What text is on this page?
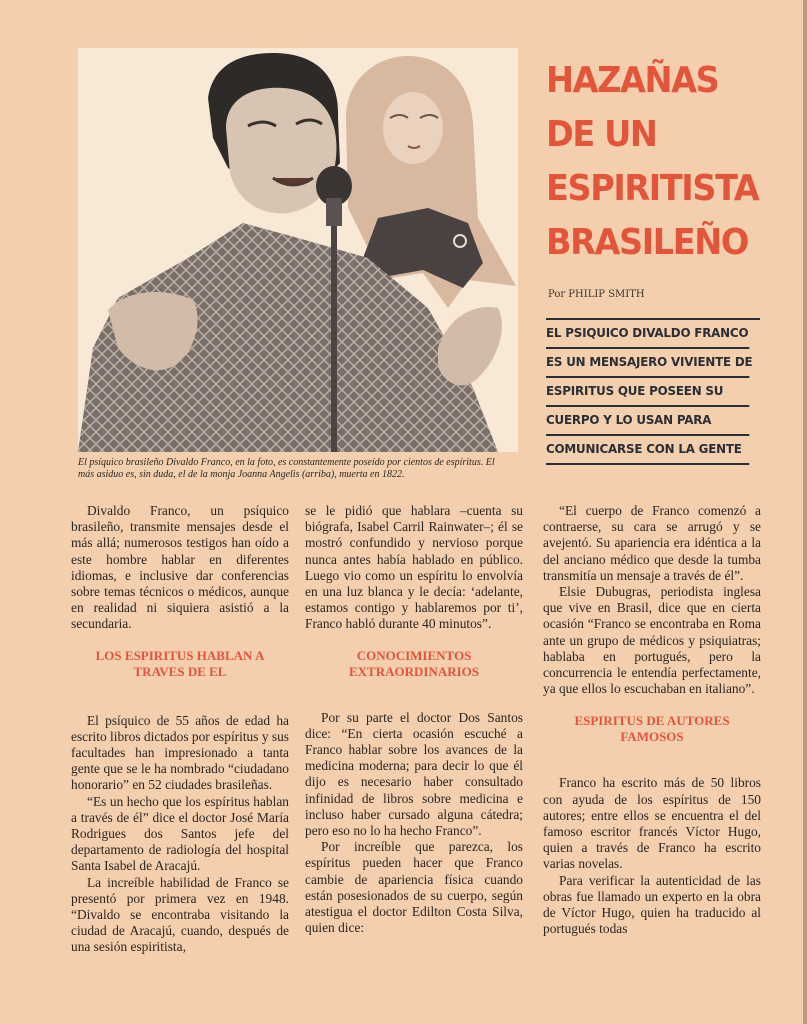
El psíquico brasileño Divaldo Franco, en la foto, es constantemente poseído por cientos de espíritus. El más asiduo es, sin duda, el de la monja Joanna Angelis (arriba), muerta en 1822.

HAZAÑAS
DE UN
ESPIRITISTA
BRASILEÑO

Por PHILIP SMITH

EL PSIQUICO DIVALDO FRANCO
ES UN MENSAJERO VIVIENTE DE
ESPIRITUS QUE POSEEN SU
CUERPO Y LO USAN PARA
COMUNICARSE CON LA GENTE

Divaldo Franco, un psíquico brasileño, transmite mensajes desde el más allá; numerosos testigos han oído a este hombre hablar en diferentes idiomas, e inclusive dar conferencias sobre temas técnicos o médicos, aunque en realidad ni siquiera asistió a la secundaria.

LOS ESPIRITUS HABLAN A TRAVES DE EL

El psíquico de 55 años de edad ha escrito libros dictados por espíritus y sus facultades han impresionado a tanta gente que se le ha nombrado “ciudadano honorario” en 52 ciudades brasileñas.

“Es un hecho que los espíritus hablan a través de él” dice el doctor José María Rodrigues dos Santos jefe del departamento de radiología del hospital Santa Isabel de Aracajú.

La increíble habilidad de Franco se presentó por primera vez en 1948. “Divaldo se encontraba visitando la ciudad de Aracajú, cuando, después de una sesión espiritista,

se le pidió que hablara –cuenta su biógrafa, Isabel Carril Rainwater–; él se mostró confundido y nervioso porque nunca antes había hablado en público. Luego vio como un espíritu lo envolvía en una luz blanca y le decía: ‘adelante, estamos contigo y hablaremos por ti’, Franco habló durante 40 minutos”.

CONOCIMIENTOS EXTRAORDINARIOS

Por su parte el doctor Dos Santos dice: “En cierta ocasión escuché a Franco hablar sobre los avances de la medicina moderna; para decir lo que él dijo es necesario haber consultado infinidad de libros sobre medicina e incluso haber cursado alguna cátedra; pero eso no lo ha hecho Franco”.

Por increíble que parezca, los espíritus pueden hacer que Franco cambie de apariencia física cuando están posesionados de su cuerpo, según atestigua el doctor Edilton Costa Silva, quien dice:

“El cuerpo de Franco comenzó a contraerse, su cara se arrugó y se avejentó. Su apariencia era idéntica a la del anciano médico que desde la tumba transmitía un mensaje a través de él”.

Elsie Dubugras, periodista inglesa que vive en Brasil, dice que en cierta ocasión “Franco se encontraba en Roma ante un grupo de médicos y psiquiatras; hablaba en portugués, pero la concurrencia le entendía perfectamente, ya que ellos lo escuchaban en italiano”.

ESPIRITUS DE AUTORES FAMOSOS

Franco ha escrito más de 50 libros con ayuda de los espíritus de 150 autores; entre ellos se encuentra el del famoso escritor francés Víctor Hugo, quien a través de Franco ha escrito varias novelas.

Para verificar la autenticidad de las obras fue llamado un experto en la obra de Víctor Hugo, quien ha traducido al portugués todas
